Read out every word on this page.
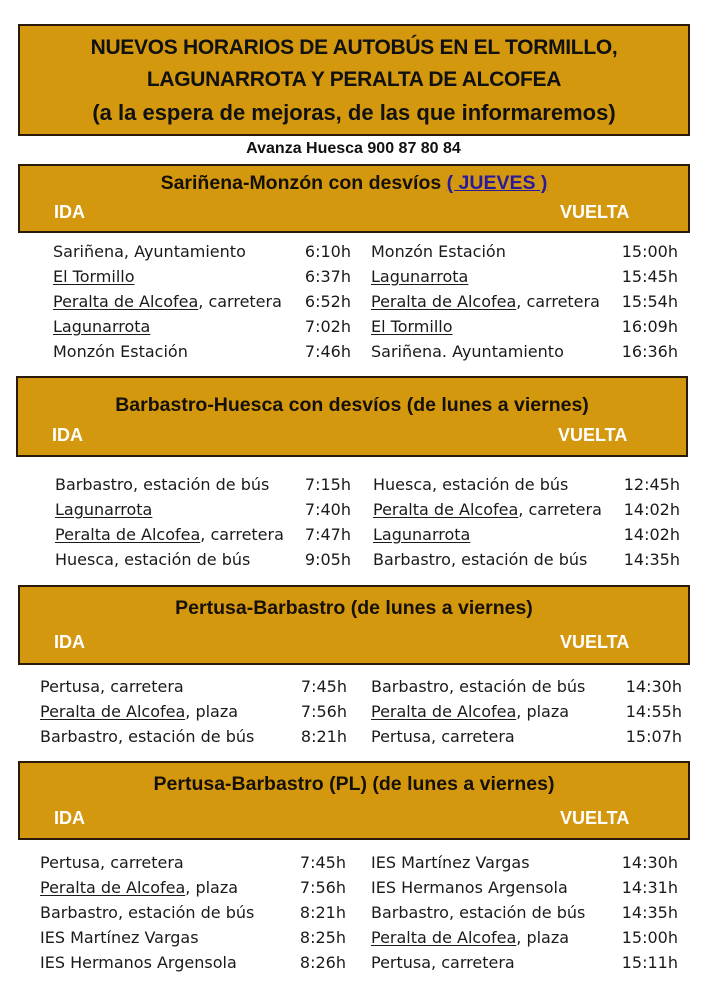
NUEVOS HORARIOS DE AUTOBÚS EN EL TORMILLO,
LAGUNARROTA Y PERALTA DE ALCOFEA
(a la espera de mejoras, de las que informaremos)
Avanza Huesca 900 87 80 84
Sariñena-Monzón con desvíos ( JUEVES )
IDA	VUELTA
Sariñena, Ayuntamiento	6:10h
El Tormillo	6:37h
Peralta de Alcofea, carretera 6:52h
Lagunarrota	7:02h
Monzón Estación	7:46h
Monzón Estación	15:00h
Lagunarrota	15:45h
Peralta de Alcofea, carretera 15:54h
El Tormillo	16:09h
Sariñena. Ayuntamiento	16:36h
Barbastro-Huesca con desvíos (de lunes a viernes)
IDA	VUELTA
Barbastro, estación de bús 7:15h
Lagunarrota	7:40h
Peralta de Alcofea, carretera 7:47h
Huesca, estación de bús	9:05h
Huesca, estación de bús	12:45h
Peralta de Alcofea, carretera 14:02h
Lagunarrota	14:02h
Barbastro, estación de bús 14:35h
Pertusa-Barbastro (de lunes a viernes)
IDA	VUELTA
Pertusa, carretera	7:45h
Peralta de Alcofea, plaza	7:56h
Barbastro, estación de bús	8:21h
Barbastro, estación de bús	14:30h
Peralta de Alcofea, plaza	14:55h
Pertusa, carretera	15:07h
Pertusa-Barbastro (PL) (de lunes a viernes)
IDA	VUELTA
Pertusa, carretera	7:45h
Peralta de Alcofea, plaza	7:56h
Barbastro, estación de bús	8:21h
IES Martínez Vargas	8:25h
IES Hermanos Argensola	8:26h
IES Martínez Vargas	14:30h
IES Hermanos Argensola	14:31h
Barbastro, estación de bús 14:35h
Peralta de Alcofea, plaza	15:00h
Pertusa, carretera	15:11h
